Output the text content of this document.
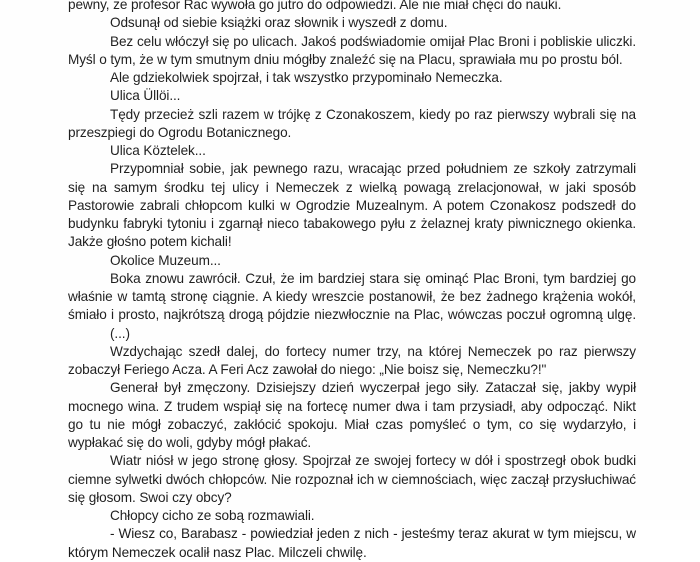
pewny, ze profesor Rac wywoła go jutro do odpowiedzi. Ale nie miał chęci do nauki.

Odsunął od siebie książki oraz słownik i wyszedł z domu.

Bez celu włóczył się po ulicach. Jakoś podświadomie omijał Plac Broni i pobliskie uliczki. Myśl o tym, że w tym smutnym dniu mógłby znaleźć się na Placu, sprawiała mu po prostu ból.

Ale gdziekolwiek spojrzał, i tak wszystko przypominało Nemeczka.

Ulica Üllöi...

Tędy przecież szli razem w trójkę z Czonakoszem, kiedy po raz pierwszy wybrali się na przeszpiegi do Ogrodu Botanicznego.

Ulica Köztelek...

Przypomniał sobie, jak pewnego razu, wracając przed południem ze szkoły zatrzymali się na samym środku tej ulicy i Nemeczek z wielką powagą zrelacjonował, w jaki sposób Pastorowie zabrali chłopcom kulki w Ogrodzie Muzealnym. A potem Czonakosz podszedł do budynku fabryki tytoniu i zgarnął nieco tabakowego pyłu z żelaznej kraty piwnicznego okienka. Jakże głośno potem kichali!

Okolice Muzeum...

Boka znowu zawrócił. Czuł, że im bardziej stara się ominąć Plac Broni, tym bardziej go właśnie w tamtą stronę ciągnie. A kiedy wreszcie postanowił, że bez żadnego krążenia wokół, śmiało i prosto, najkrótszą drogą pójdzie niezwłocznie na Plac, wówczas poczuł ogromną ulgę.

(...)

Wzdychając szedł dalej, do fortecy numer trzy, na której Nemeczek po raz pierwszy zobaczył Feriego Acza. A Feri Acz zawołał do niego: „Nie boisz się, Nemeczku?!"

Generał był zmęczony. Dzisiejszy dzień wyczerpał jego siły. Zataczał się, jakby wypił mocnego wina. Z trudem wspiął się na fortecę numer dwa i tam przysiadł, aby odpocząć. Nikt go tu nie mógł zobaczyć, zakłócić spokoju. Miał czas pomyśleć o tym, co się wydarzyło, i wypłakać się do woli, gdyby mógł płakać.

Wiatr niósł w jego stronę głosy. Spojrzał ze swojej fortecy w dół i spostrzegł obok budki ciemne sylwetki dwóch chłopców. Nie rozpoznał ich w ciemnościach, więc zaczął przysłuchiwać się głosom. Swoi czy obcy?

Chłopcy cicho ze sobą rozmawiali.

- Wiesz co, Barabasz - powiedział jeden z nich - jesteśmy teraz akurat w tym miejscu, w którym Nemeczek ocalił nasz Plac. Milczeli chwilę.
